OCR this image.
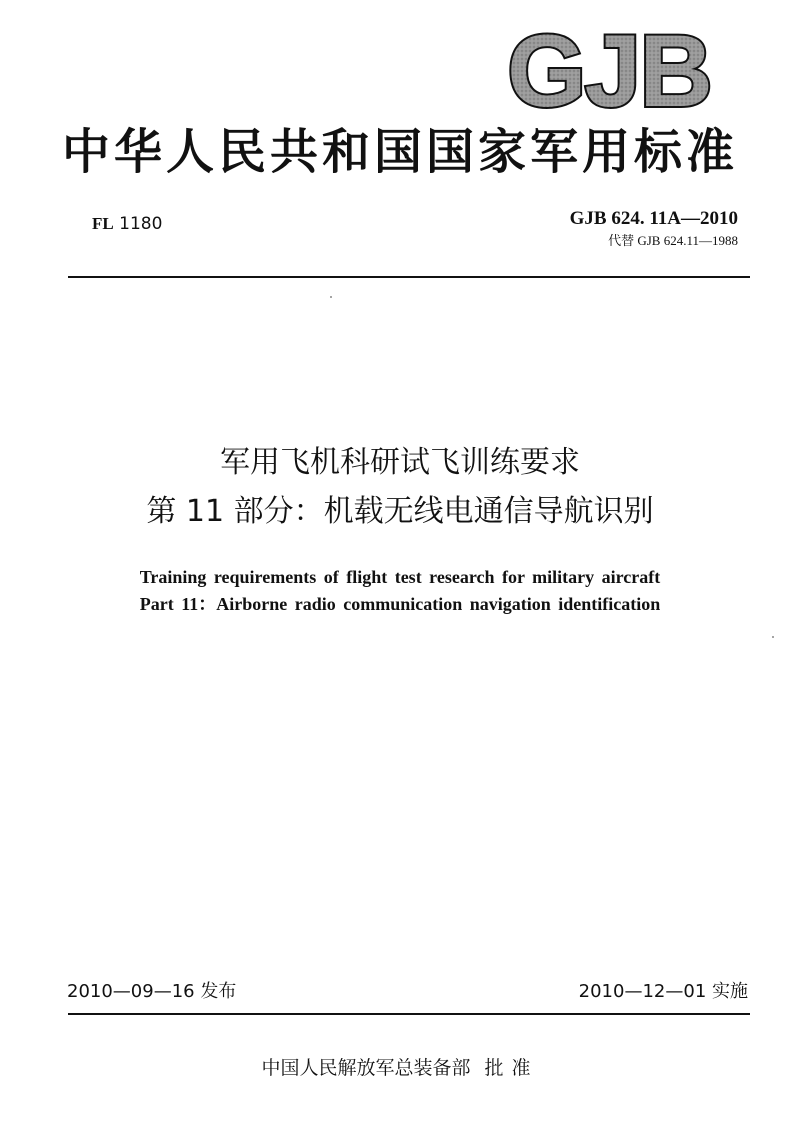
GJB
中华人民共和国国家军用标准
FL 1180	GJB 624. 11A—2010
代替 GJB 624.11—1988
军用飞机科研试飞训练要求
第 11 部分：机载无线电通信导航识别
Training requirements of flight test research for military aircraft
Part 11：Airborne radio communication navigation identification
2010—09—16 发布	2010—12—01 实施
中国人民解放军总装备部 批准
